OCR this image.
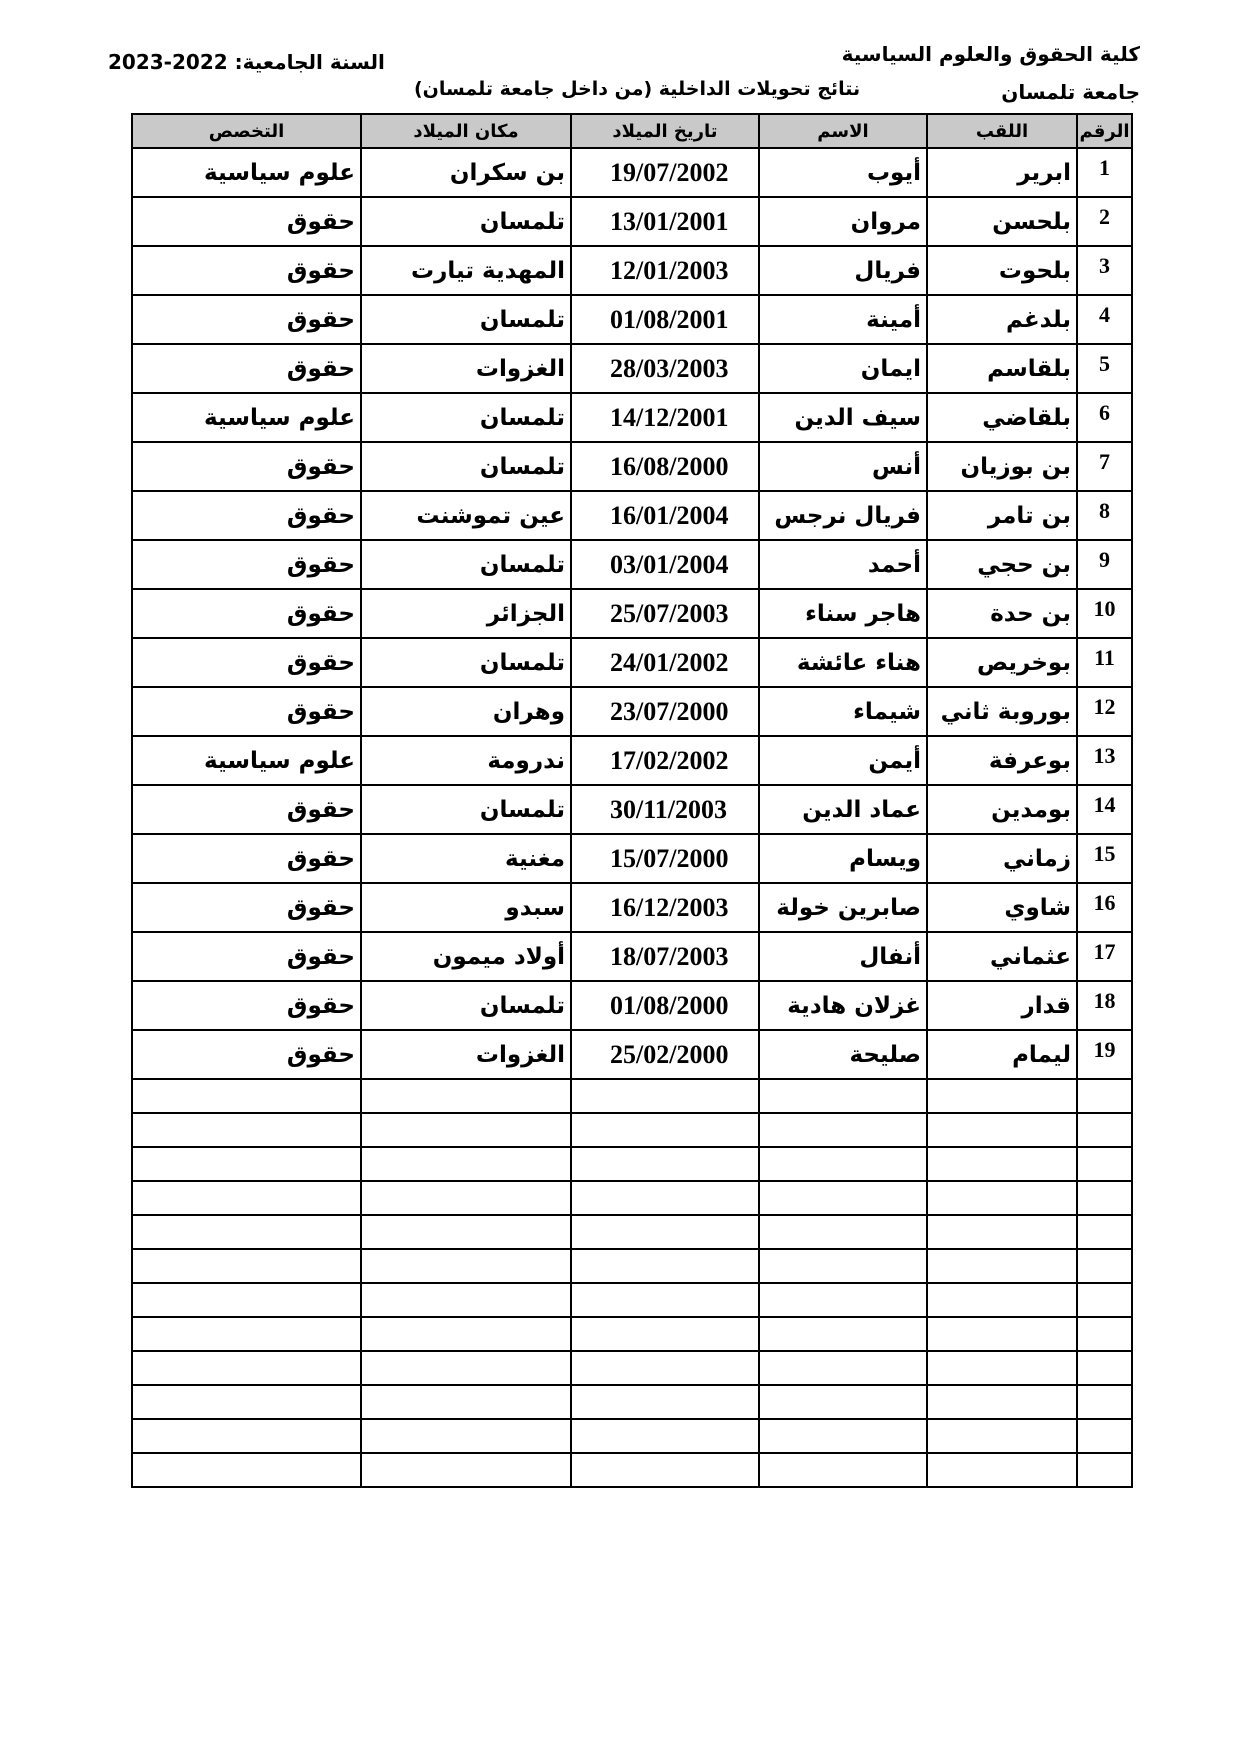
كلية الحقوق والعلوم السياسية
جامعة تلمسان
السنة الجامعية: 2022-2023
نتائج تحويلات الداخلية (من داخل جامعة تلمسان)
الرقم	اللقب	الاسم	تاريخ الميلاد	مكان الميلاد	التخصص
1	ابرير	أيوب	19/07/2002	بن سكران	علوم سياسية
2	بلحسن	مروان	13/01/2001	تلمسان	حقوق
3	بلحوت	فريال	12/01/2003	المهدية تيارت	حقوق
4	بلدغم	أمينة	01/08/2001	تلمسان	حقوق
5	بلقاسم	ايمان	28/03/2003	الغزوات	حقوق
6	بلقاضي	سيف الدين	14/12/2001	تلمسان	علوم سياسية
7	بن بوزيان	أنس	16/08/2000	تلمسان	حقوق
8	بن تامر	فريال نرجس	16/01/2004	عين تموشنت	حقوق
9	بن حجي	أحمد	03/01/2004	تلمسان	حقوق
10	بن حدة	هاجر سناء	25/07/2003	الجزائر	حقوق
11	بوخريص	هناء عائشة	24/01/2002	تلمسان	حقوق
12	بوروبة ثاني	شيماء	23/07/2000	وهران	حقوق
13	بوعرفة	أيمن	17/02/2002	ندرومة	علوم سياسية
14	بومدين	عماد الدين	30/11/2003	تلمسان	حقوق
15	زماني	ويسام	15/07/2000	مغنية	حقوق
16	شاوي	صابرين خولة	16/12/2003	سبدو	حقوق
17	عثماني	أنفال	18/07/2003	أولاد ميمون	حقوق
18	قدار	غزلان هادية	01/08/2000	تلمسان	حقوق
19	ليمام	صليحة	25/02/2000	الغزوات	حقوق
